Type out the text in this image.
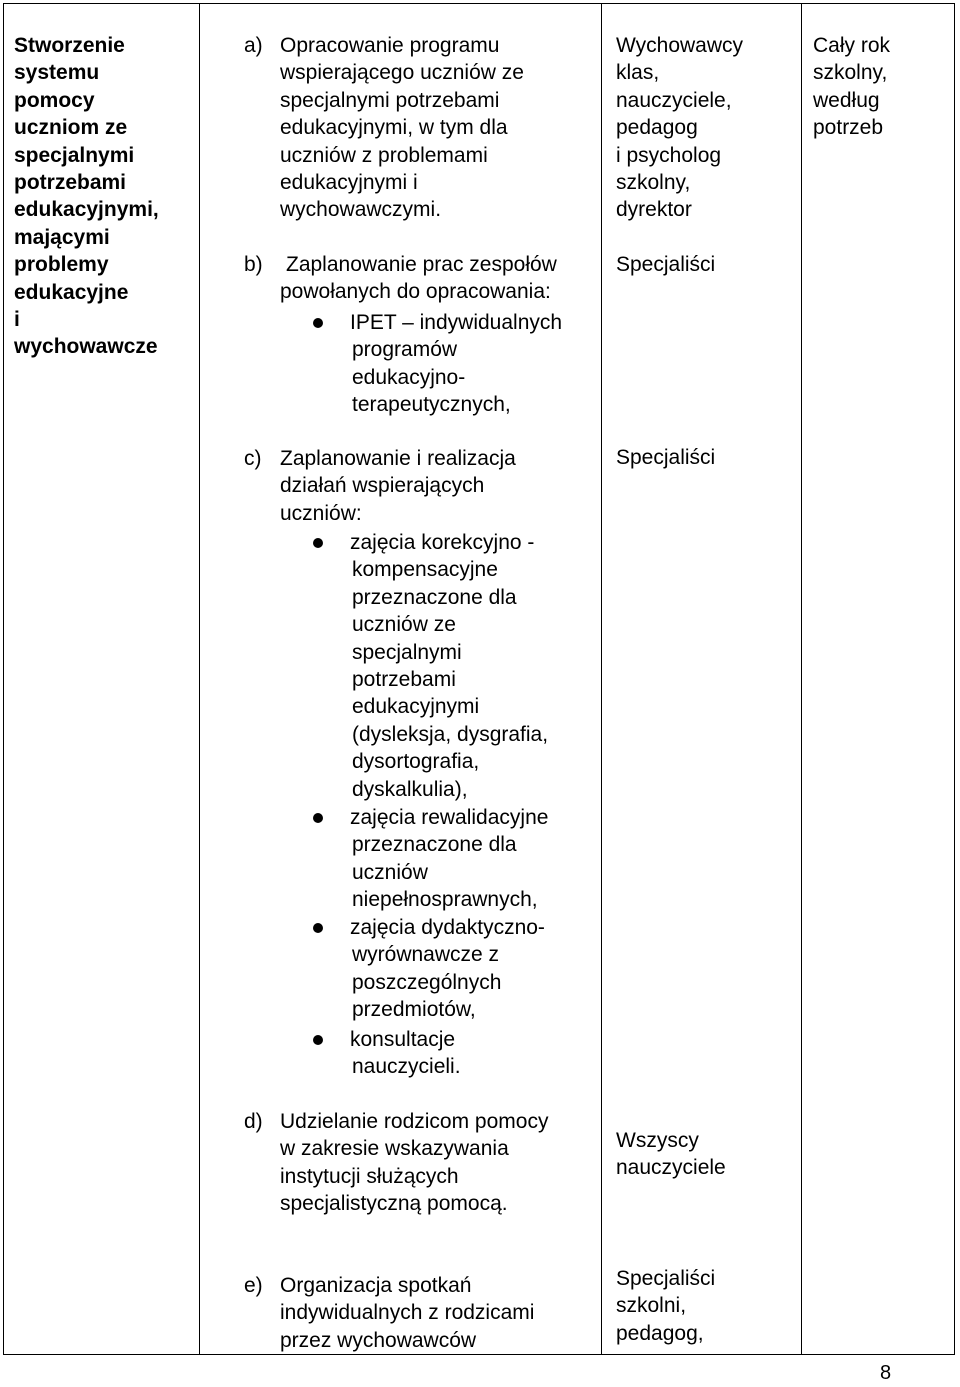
Stworzenie
systemu
pomocy
uczniom ze
specjalnymi
potrzebami
edukacyjnymi,
mającymi
problemy
edukacyjne
i
wychowawcze
a) Opracowanie programu
wspierającego uczniów ze
specjalnymi potrzebami
edukacyjnymi, w tym dla
uczniów z problemami
edukacyjnymi i
wychowawczymi.
b) Zaplanowanie prac zespołów
powołanych do opracowania:
IPET – indywidualnych
programów
edukacyjno-
terapeutycznych,
c) Zaplanowanie i realizacja
działań wspierających
uczniów:
zajęcia korekcyjno -
kompensacyjne
przeznaczone dla
uczniów ze
specjalnymi
potrzebami
edukacyjnymi
(dysleksja, dysgrafia,
dysortografia,
dyskalkulia),
zajęcia rewalidacyjne
przeznaczone dla
uczniów
niepełnosprawnych,
zajęcia dydaktyczno-
wyrównawcze z
poszczególnych
przedmiotów,
konsultacje
nauczycieli.
d) Udzielanie rodzicom pomocy
w zakresie wskazywania
instytucji służących
specjalistyczną pomocą.
e) Organizacja spotkań
indywidualnych z rodzicami
przez wychowawców
Wychowawcy
klas,
nauczyciele,
pedagog
i psycholog
szkolny,
dyrektor
Specjaliści
Specjaliści
Wszyscy
nauczyciele
Specjaliści
szkolni,
pedagog,
Cały rok
szkolny,
według
potrzeb
8
